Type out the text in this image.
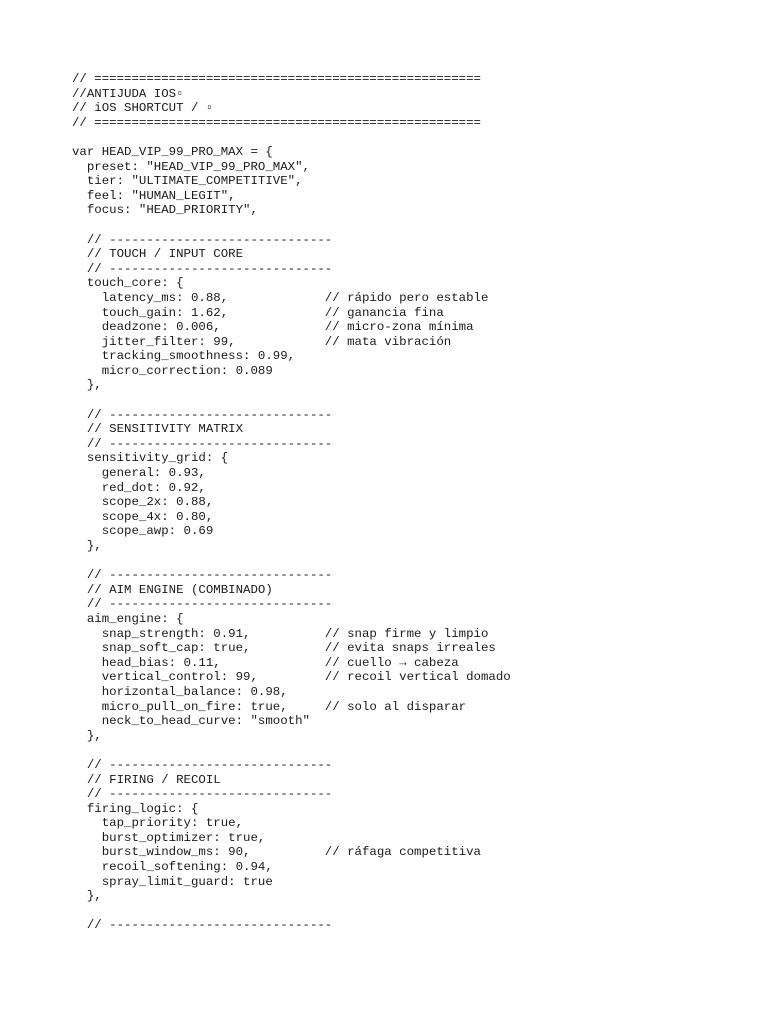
// ====================================================
//ANTIJUDA IOS▫
// iOS SHORTCUT / ▫
// ====================================================
var HEAD_VIP_99_PRO_MAX = {
preset: "HEAD_VIP_99_PRO_MAX",
tier: "ULTIMATE_COMPETITIVE",
feel: "HUMAN_LEGIT",
focus: "HEAD_PRIORITY",
// ------------------------------
// TOUCH / INPUT CORE
// ------------------------------
touch_core: {
latency_ms: 0.88,             // rápido pero estable
touch_gain: 1.62,             // ganancia fina
deadzone: 0.006,              // micro-zona mínima
jitter_filter: 99,            // mata vibración
tracking_smoothness: 0.99,
micro_correction: 0.089
},
// ------------------------------
// SENSITIVITY MATRIX
// ------------------------------
sensitivity_grid: {
general: 0.93,
red_dot: 0.92,
scope_2x: 0.88,
scope_4x: 0.80,
scope_awp: 0.69
},
// ------------------------------
// AIM ENGINE (COMBINADO)
// ------------------------------
aim_engine: {
snap_strength: 0.91,          // snap firme y limpio
snap_soft_cap: true,          // evita snaps irreales
head_bias: 0.11,              // cuello → cabeza
vertical_control: 99,         // recoil vertical domado
horizontal_balance: 0.98,
micro_pull_on_fire: true,     // solo al disparar
neck_to_head_curve: "smooth"
},
// ------------------------------
// FIRING / RECOIL
// ------------------------------
firing_logic: {
tap_priority: true,
burst_optimizer: true,
burst_window_ms: 90,          // ráfaga competitiva
recoil_softening: 0.94,
spray_limit_guard: true
},
// ------------------------------
